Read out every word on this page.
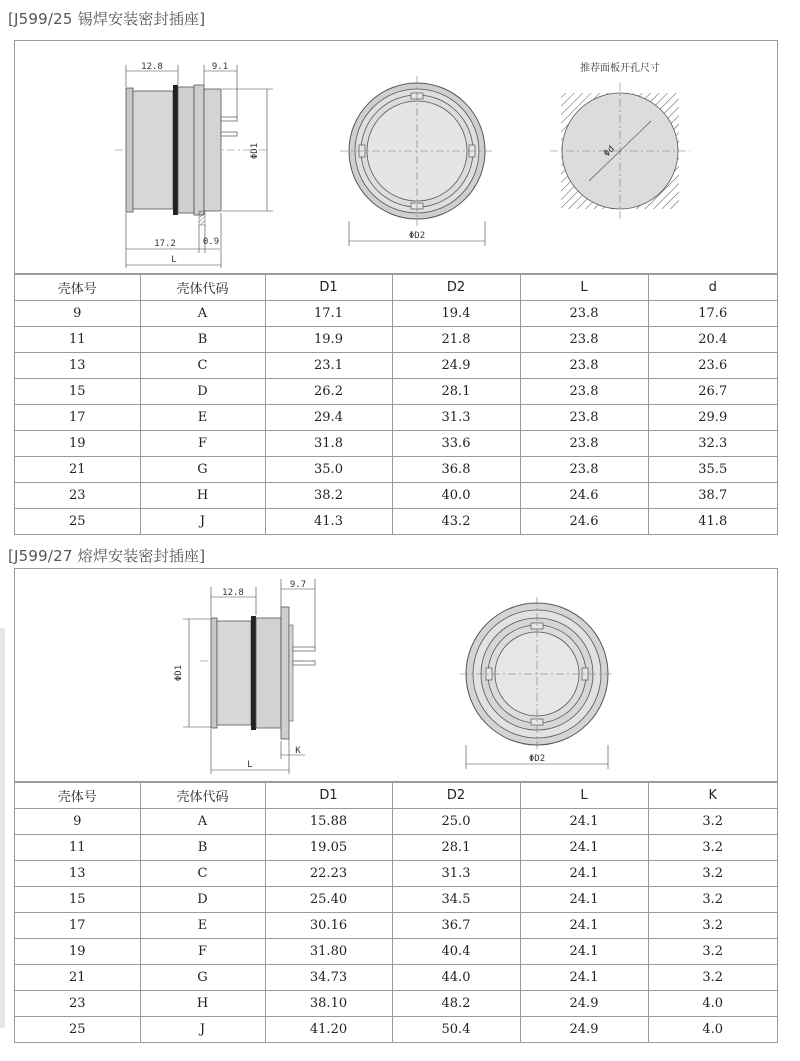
[J599/25 锡焊安装密封插座]
12.8	9.1
17.2	0.9
L
ΦD1
ΦD2
推荐面板开孔尺寸
Φd
壳体号	壳体代码	D1	D2	L	d
9	A	17.1	19.4	23.8	17.6
11	B	19.9	21.8	23.8	20.4
13	C	23.1	24.9	23.8	23.6
15	D	26.2	28.1	23.8	26.7
17	E	29.4	31.3	23.8	29.9
19	F	31.8	33.6	23.8	32.3
21	G	35.0	36.8	23.8	35.5
23	H	38.2	40.0	24.6	38.7
25	J	41.3	43.2	24.6	41.8
[J599/27 熔焊安装密封插座]
12.8
9.7
L
K
ΦD1
ΦD2
壳体号	壳体代码	D1	D2	L	K
9	A	15.88	25.0	24.1	3.2
11	B	19.05	28.1	24.1	3.2
13	C	22.23	31.3	24.1	3.2
15	D	25.40	34.5	24.1	3.2
17	E	30.16	36.7	24.1	3.2
19	F	31.80	40.4	24.1	3.2
21	G	34.73	44.0	24.1	3.2
23	H	38.10	48.2	24.9	4.0
25	J	41.20	50.4	24.9	4.0
